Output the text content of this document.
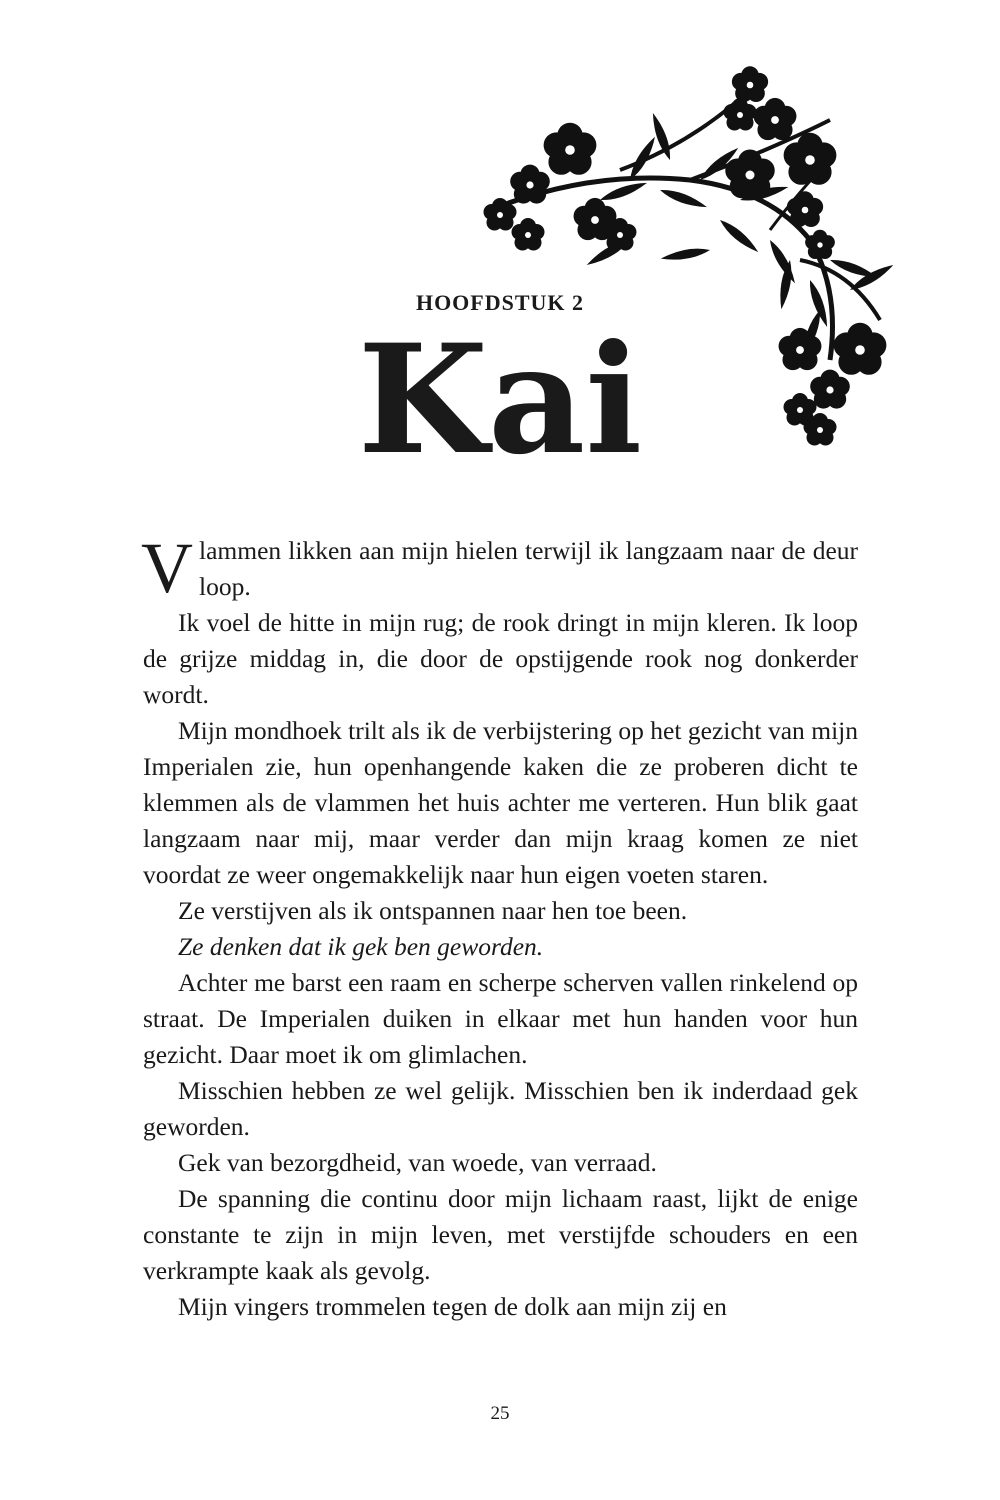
HOOFDSTUK 2
Kai

Vlammen likken aan mijn hielen terwijl ik langzaam naar de deur loop.

Ik voel de hitte in mijn rug; de rook dringt in mijn kleren. Ik loop de grijze middag in, die door de opstijgende rook nog donkerder wordt.

Mijn mondhoek trilt als ik de verbijstering op het gezicht van mijn Imperialen zie, hun openhangende kaken die ze proberen dicht te klemmen als de vlammen het huis achter me verteren. Hun blik gaat langzaam naar mij, maar verder dan mijn kraag komen ze niet voordat ze weer ongemakkelijk naar hun eigen voeten staren.

Ze verstijven als ik ontspannen naar hen toe been.

Ze denken dat ik gek ben geworden.

Achter me barst een raam en scherpe scherven vallen rinkelend op straat. De Imperialen duiken in elkaar met hun handen voor hun gezicht. Daar moet ik om glimlachen.

Misschien hebben ze wel gelijk. Misschien ben ik inderdaad gek geworden.

Gek van bezorgdheid, van woede, van verraad.

De spanning die continu door mijn lichaam raast, lijkt de enige constante te zijn in mijn leven, met verstijfde schouders en een verkrampte kaak als gevolg.

Mijn vingers trommelen tegen de dolk aan mijn zij en

25
